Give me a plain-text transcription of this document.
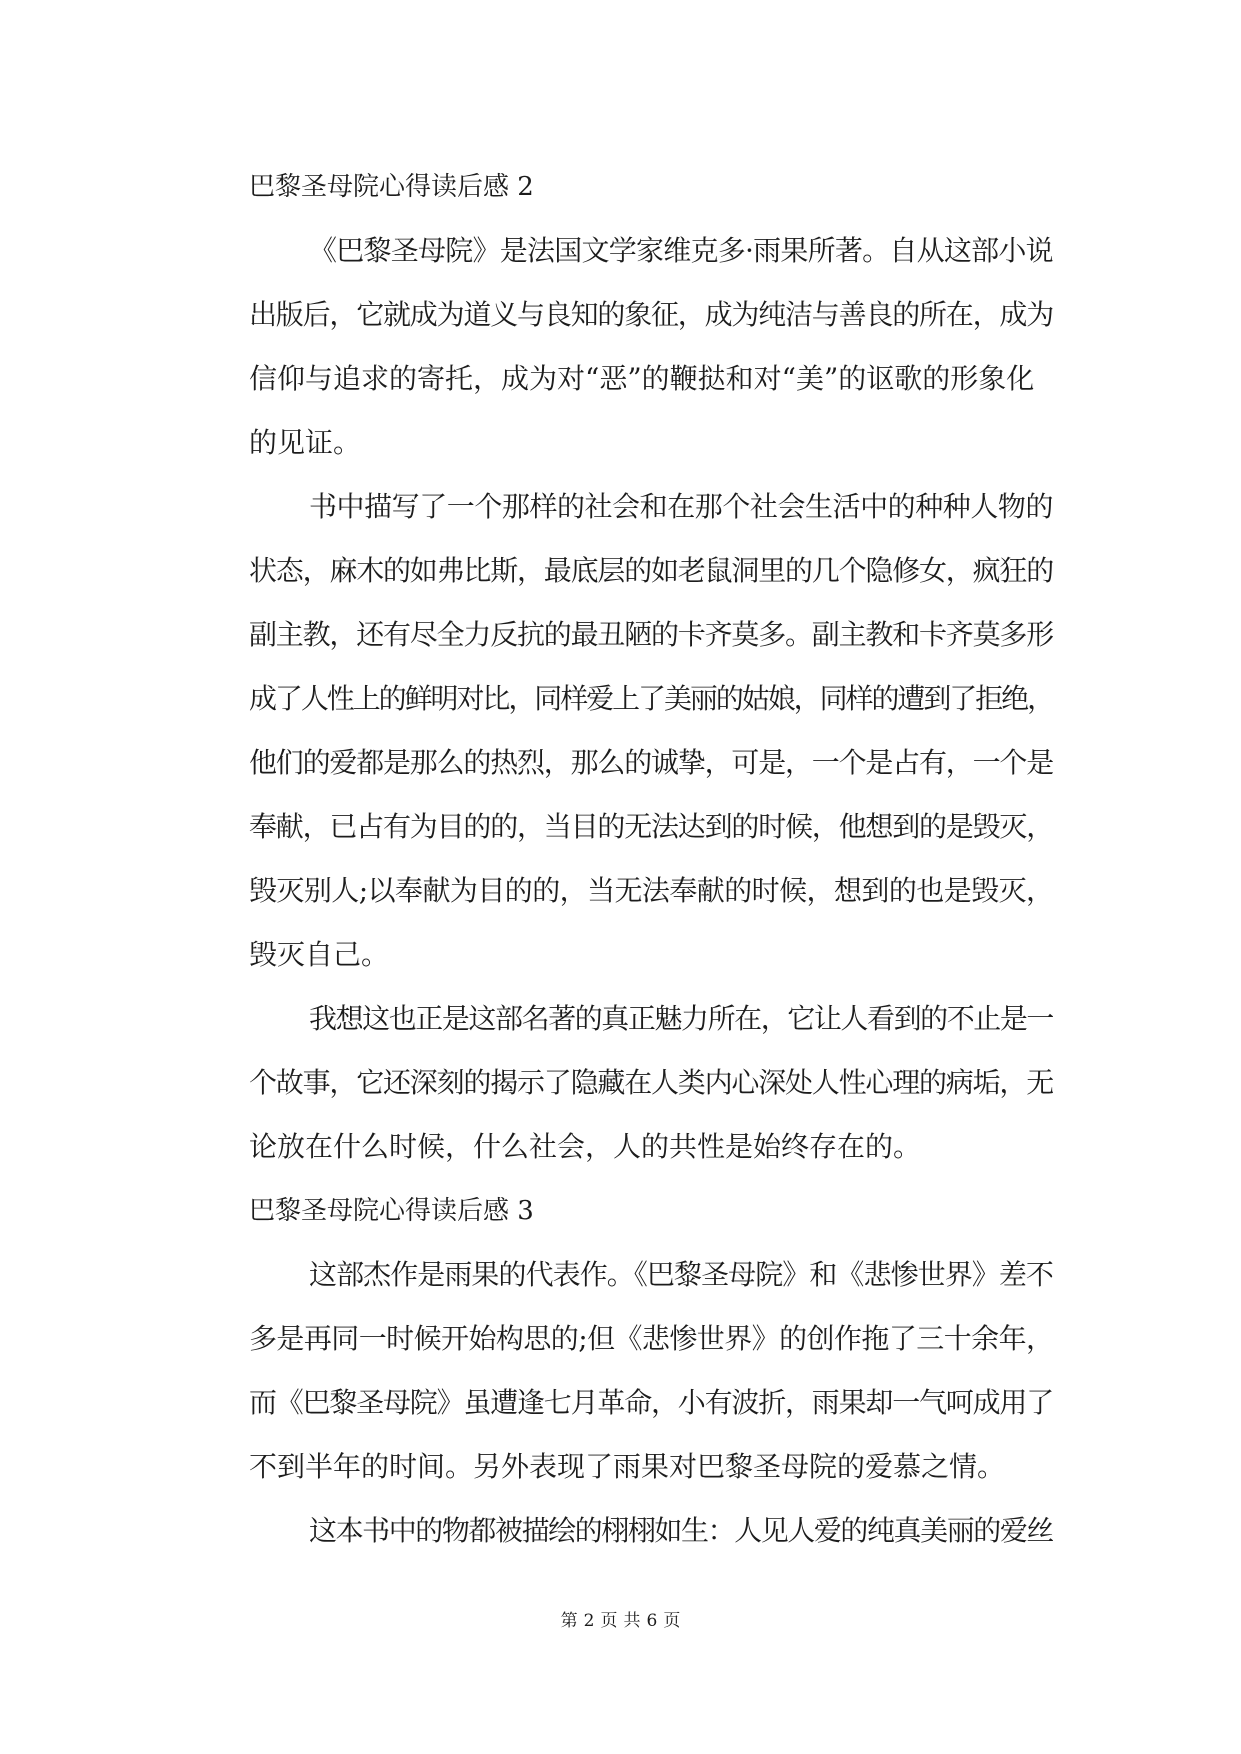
巴黎圣母院心得读后感 2
《巴黎圣母院》是法国文学家维克多·雨果所著。自从这部小说
出版后，它就成为道义与良知的象征，成为纯洁与善良的所在，成为
信仰与追求的寄托，成为对“恶”的鞭挞和对“美”的讴歌的形象化
的见证。
书中描写了一个那样的社会和在那个社会生活中的种种人物的
状态，麻木的如弗比斯，最底层的如老鼠洞里的几个隐修女，疯狂的
副主教，还有尽全力反抗的最丑陋的卡齐莫多。副主教和卡齐莫多形
成了人性上的鲜明对比，同样爱上了美丽的姑娘，同样的遭到了拒绝，
他们的爱都是那么的热烈，那么的诚挚，可是，一个是占有，一个是
奉献，已占有为目的的，当目的无法达到的时候，他想到的是毁灭，
毁灭别人;以奉献为目的的，当无法奉献的时候，想到的也是毁灭，
毁灭自己。
我想这也正是这部名著的真正魅力所在，它让人看到的不止是一
个故事，它还深刻的揭示了隐藏在人类内心深处人性心理的病垢，无
论放在什么时候，什么社会，人的共性是始终存在的。
巴黎圣母院心得读后感 3
这部杰作是雨果的代表作。《巴黎圣母院》和《悲惨世界》差不
多是再同一时候开始构思的;但《悲惨世界》的创作拖了三十余年，
而《巴黎圣母院》虽遭逢七月革命，小有波折，雨果却一气呵成用了
不到半年的时间。另外表现了雨果对巴黎圣母院的爱慕之情。
这本书中的物都被描绘的栩栩如生：人见人爱的纯真美丽的爱丝
第 2 页 共 6 页
